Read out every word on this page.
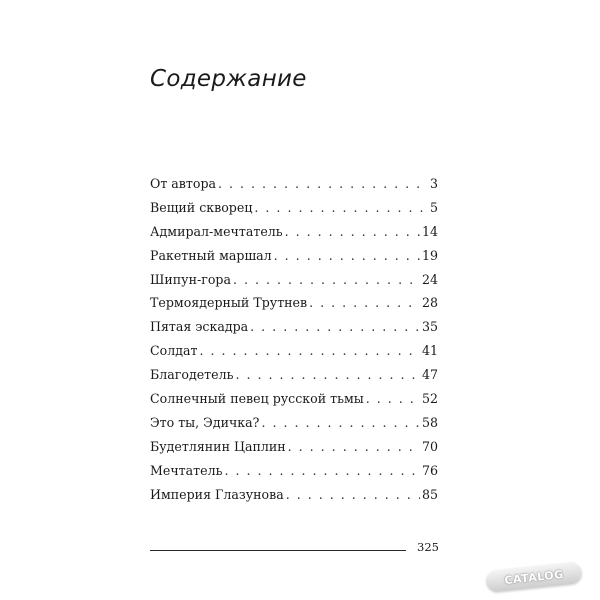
Содержание
От автора . . .	3
Вещий скворец . . .	5
Адмирал-мечтатель . . .	14
Ракетный маршал . . .	19
Шипун-гора . . .	24
Термоядерный Трутнев . . .	28
Пятая эскадра . . .	35
Солдат . . .	41
Благодетель . . .	47
Солнечный певец русской тьмы . . .	52
Это ты, Эдичка? . . .	58
Будетлянин Цаплин . . .	70
Мечтатель . . .	76
Империя Глазунова . . .	85
325
CATALOG
